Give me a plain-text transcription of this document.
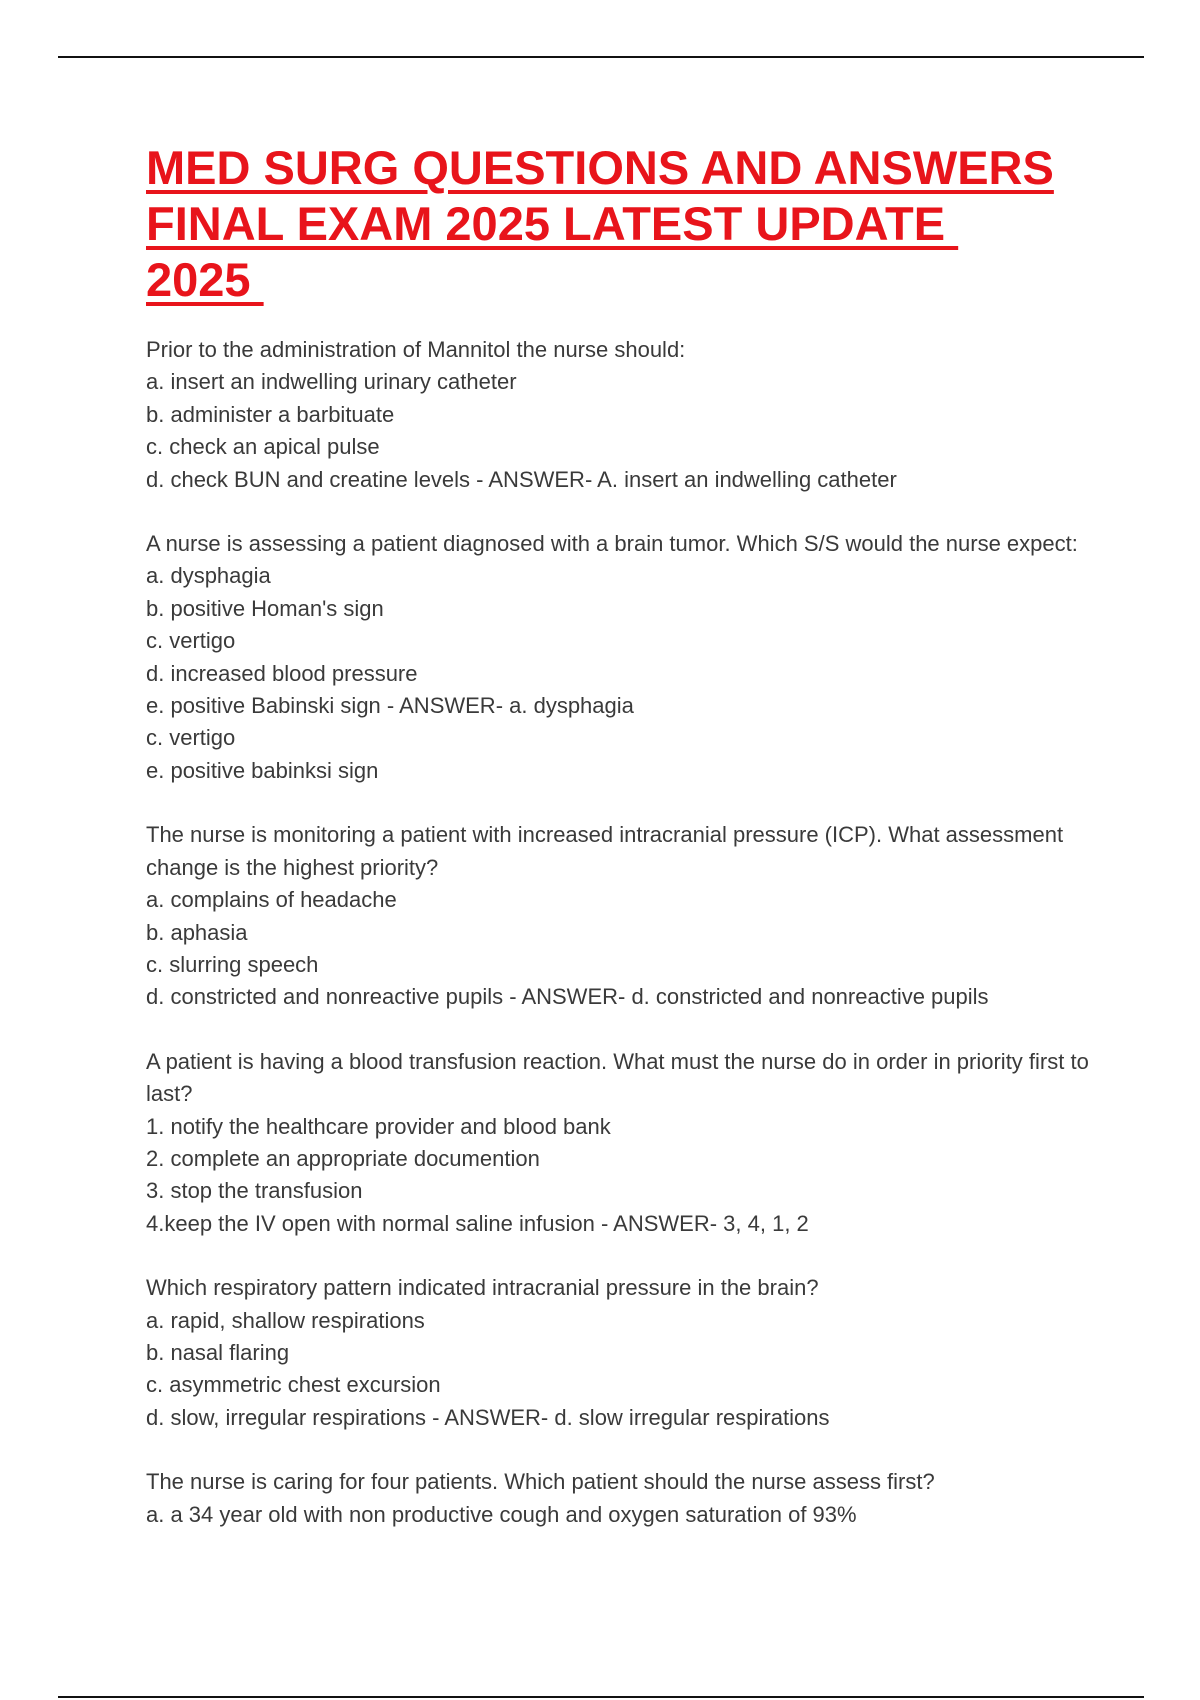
MED SURG QUESTIONS AND ANSWERS
FINAL EXAM 2025 LATEST UPDATE
2025

Prior to the administration of Mannitol the nurse should:

a. insert an indwelling urinary catheter

b. administer a barbituate

c. check an apical pulse

d. check BUN and creatine levels - ANSWER- A. insert an indwelling catheter

A nurse is assessing a patient diagnosed with a brain tumor. Which S/S would the nurse expect:

a. dysphagia

b. positive Homan's sign

c. vertigo

d. increased blood pressure

e. positive Babinski sign - ANSWER- a. dysphagia

c. vertigo

e. positive babinksi sign

The nurse is monitoring a patient with increased intracranial pressure (ICP). What assessment change is the highest priority?

a. complains of headache

b. aphasia

c. slurring speech

d. constricted and nonreactive pupils - ANSWER- d. constricted and nonreactive pupils

A patient is having a blood transfusion reaction. What must the nurse do in order in priority first to last?

1. notify the healthcare provider and blood bank

2. complete an appropriate documention

3. stop the transfusion

4.keep the IV open with normal saline infusion - ANSWER- 3, 4, 1, 2

Which respiratory pattern indicated intracranial pressure in the brain?

a. rapid, shallow respirations

b. nasal flaring

c. asymmetric chest excursion

d. slow, irregular respirations - ANSWER- d. slow irregular respirations

The nurse is caring for four patients. Which patient should the nurse assess first?

a. a 34 year old with non productive cough and oxygen saturation of 93%
